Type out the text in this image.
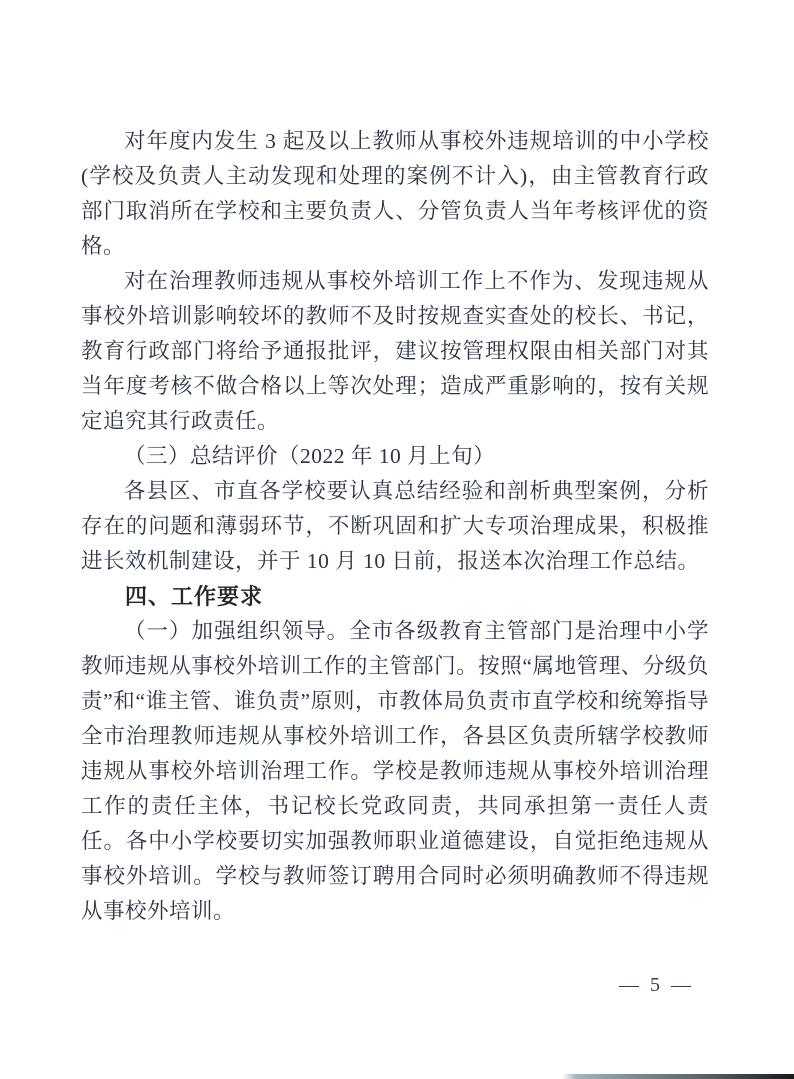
对年度内发生 3 起及以上教师从事校外违规培训的中小学校(学校及负责人主动发现和处理的案例不计入)，由主管教育行政部门取消所在学校和主要负责人、分管负责人当年考核评优的资格。

对在治理教师违规从事校外培训工作上不作为、发现违规从事校外培训影响较坏的教师不及时按规查实查处的校长、书记，教育行政部门将给予通报批评，建议按管理权限由相关部门对其当年度考核不做合格以上等次处理；造成严重影响的，按有关规定追究其行政责任。

（三）总结评价（2022 年 10 月上旬）

各县区、市直各学校要认真总结经验和剖析典型案例，分析存在的问题和薄弱环节，不断巩固和扩大专项治理成果，积极推进长效机制建设，并于 10 月 10 日前，报送本次治理工作总结。

四、工作要求

（一）加强组织领导。全市各级教育主管部门是治理中小学教师违规从事校外培训工作的主管部门。按照“属地管理、分级负责”和“谁主管、谁负责”原则，市教体局负责市直学校和统筹指导全市治理教师违规从事校外培训工作，各县区负责所辖学校教师违规从事校外培训治理工作。学校是教师违规从事校外培训治理工作的责任主体，书记校长党政同责，共同承担第一责任人责任。各中小学校要切实加强教师职业道德建设，自觉拒绝违规从事校外培训。学校与教师签订聘用合同时必须明确教师不得违规从事校外培训。

— 5 —
